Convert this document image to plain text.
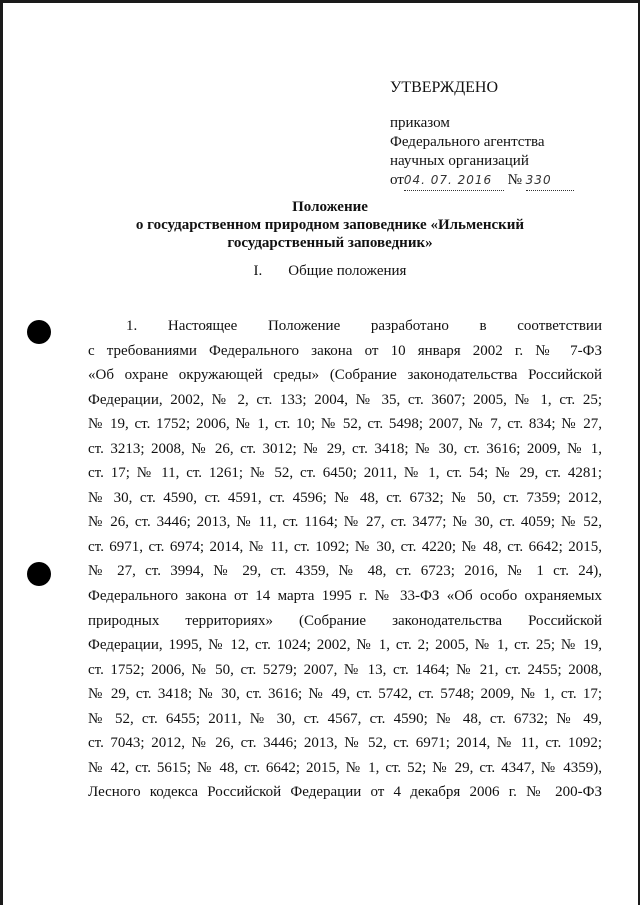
УТВЕРЖДЕНО
приказом
Федерального агентства
научных организаций
от04. 07. 2016 № 330
Положение
о государственном природном заповеднике «Ильменский
государственный заповедник»
I. Общие положения
1. Настоящее Положение разработано в соответствии
с требованиями Федерального закона от 10 января 2002 г. № 7-ФЗ
«Об охране окружающей среды» (Собрание законодательства Российской
Федерации, 2002, № 2, ст. 133; 2004, № 35, ст. 3607; 2005, № 1, ст. 25;
№ 19, ст. 1752; 2006, № 1, ст. 10; № 52, ст. 5498; 2007, № 7, ст. 834; № 27,
ст. 3213; 2008, № 26, ст. 3012; № 29, ст. 3418; № 30, ст. 3616; 2009, № 1,
ст. 17; № 11, ст. 1261; № 52, ст. 6450; 2011, № 1, ст. 54; № 29, ст. 4281;
№ 30, ст. 4590, ст. 4591, ст. 4596; № 48, ст. 6732; № 50, ст. 7359; 2012,
№ 26, ст. 3446; 2013, № 11, ст. 1164; № 27, ст. 3477; № 30, ст. 4059; № 52,
ст. 6971, ст. 6974; 2014, № 11, ст. 1092; № 30, ст. 4220; № 48, ст. 6642; 2015,
№ 27, ст. 3994, № 29, ст. 4359, № 48, ст. 6723; 2016, № 1 ст. 24),
Федерального закона от 14 марта 1995 г. № 33-ФЗ «Об особо охраняемых
природных территориях» (Собрание законодательства Российской
Федерации, 1995, № 12, ст. 1024; 2002, № 1, ст. 2; 2005, № 1, ст. 25; № 19,
ст. 1752; 2006, № 50, ст. 5279; 2007, № 13, ст. 1464; № 21, ст. 2455; 2008,
№ 29, ст. 3418; № 30, ст. 3616; № 49, ст. 5742, ст. 5748; 2009, № 1, ст. 17;
№ 52, ст. 6455; 2011, № 30, ст. 4567, ст. 4590; № 48, ст. 6732; № 49,
ст. 7043; 2012, № 26, ст. 3446; 2013, № 52, ст. 6971; 2014, № 11, ст. 1092;
№ 42, ст. 5615; № 48, ст. 6642; 2015, № 1, ст. 52; № 29, ст. 4347, № 4359),
Лесного кодекса Российской Федерации от 4 декабря 2006 г. № 200-ФЗ
